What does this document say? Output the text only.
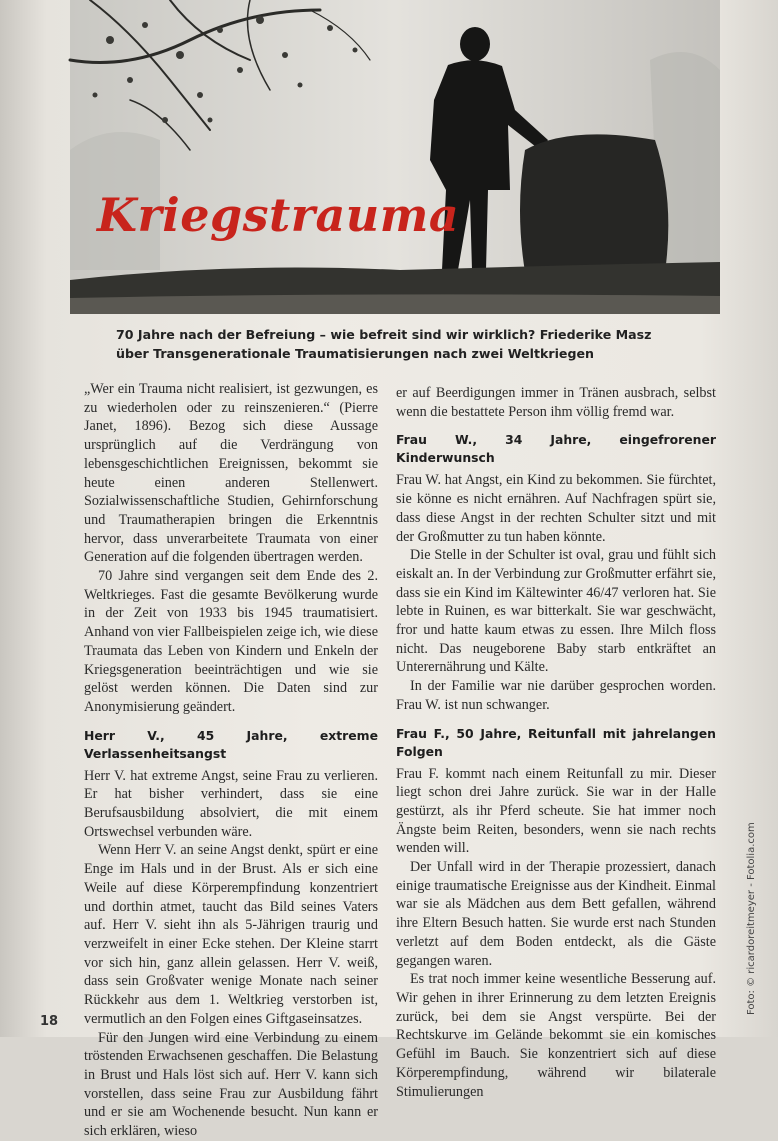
Kriegstrauma
70 Jahre nach der Befreiung – wie befreit sind wir wirklich? Friederike Masz
über Transgenerationale Traumatisierungen nach zwei Weltkriegen

„Wer ein Trauma nicht realisiert, ist gezwungen, es zu wiederholen oder zu reinszenieren.“ (Pierre Janet, 1896). Bezog sich diese Aussage ursprünglich auf die Verdrängung von lebensgeschichtlichen Ereignissen, bekommt sie heute einen anderen Stellenwert. Sozialwissenschaftliche Studien, Gehirnforschung und Traumatherapien bringen die Erkenntnis hervor, dass unverarbeitete Traumata von einer Generation auf die folgenden übertragen werden.

70 Jahre sind vergangen seit dem Ende des 2. Weltkrieges. Fast die gesamte Bevölkerung wurde in der Zeit von 1933 bis 1945 traumatisiert. Anhand von vier Fallbeispielen zeige ich, wie diese Traumata das Leben von Kindern und Enkeln der Kriegsgeneration beeinträchtigen und wie sie gelöst werden können. Die Daten sind zur Anonymisierung geändert.

Herr V., 45 Jahre, extreme Verlassenheitsangst

Herr V. hat extreme Angst, seine Frau zu verlieren. Er hat bisher verhindert, dass sie eine Berufsausbildung absolviert, die mit einem Ortswechsel verbunden wäre.

Wenn Herr V. an seine Angst denkt, spürt er eine Enge im Hals und in der Brust. Als er sich eine Weile auf diese Körperempfindung konzentriert und dorthin atmet, taucht das Bild seines Vaters auf. Herr V. sieht ihn als 5-Jährigen traurig und verzweifelt in einer Ecke stehen. Der Kleine starrt vor sich hin, ganz allein gelassen. Herr V. weiß, dass sein Großvater wenige Monate nach seiner Rückkehr aus dem 1. Weltkrieg verstorben ist, vermutlich an den Folgen eines Giftgaseinsatzes.

Für den Jungen wird eine Verbindung zu einem tröstenden Erwachsenen geschaffen. Die Belastung in Brust und Hals löst sich auf. Herr V. kann sich vorstellen, dass seine Frau zur Ausbildung fährt und er sie am Wochenende besucht. Nun kann er sich erklären, wieso

er auf Beerdigungen immer in Tränen ausbrach, selbst wenn die bestattete Person ihm völlig fremd war.

Frau W., 34 Jahre, eingefrorener Kinderwunsch

Frau W. hat Angst, ein Kind zu bekommen. Sie fürchtet, sie könne es nicht ernähren. Auf Nachfragen spürt sie, dass diese Angst in der rechten Schulter sitzt und mit der Großmutter zu tun haben könnte.

Die Stelle in der Schulter ist oval, grau und fühlt sich eiskalt an. In der Verbindung zur Großmutter erfährt sie, dass sie ein Kind im Kältewinter 46/47 verloren hat. Sie lebte in Ruinen, es war bitterkalt. Sie war geschwächt, fror und hatte kaum etwas zu essen. Ihre Milch floss nicht. Das neugeborene Baby starb entkräftet an Unterernährung und Kälte.

In der Familie war nie darüber gesprochen worden. Frau W. ist nun schwanger.

Frau F., 50 Jahre, Reitunfall mit jahrelangen Folgen

Frau F. kommt nach einem Reitunfall zu mir. Dieser liegt schon drei Jahre zurück. Sie war in der Halle gestürzt, als ihr Pferd scheute. Sie hat immer noch Ängste beim Reiten, besonders, wenn sie nach rechts wenden will.

Der Unfall wird in der Therapie prozessiert, danach einige traumatische Ereignisse aus der Kindheit. Einmal war sie als Mädchen aus dem Bett gefallen, während ihre Eltern Besuch hatten. Sie wurde erst nach Stunden verletzt auf dem Boden entdeckt, als die Gäste gegangen waren.

Es trat noch immer keine wesentliche Besserung auf. Wir gehen in ihrer Erinnerung zu dem letzten Ereignis zurück, bei dem sie Angst verspürte. Bei der Rechtskurve im Gelände bekommt sie ein komisches Gefühl im Bauch. Sie konzentriert sich auf diese Körperempfindung, während wir bilaterale Stimulierungen

18
Foto: © ricardoreitmeyer - Fotolia.com
